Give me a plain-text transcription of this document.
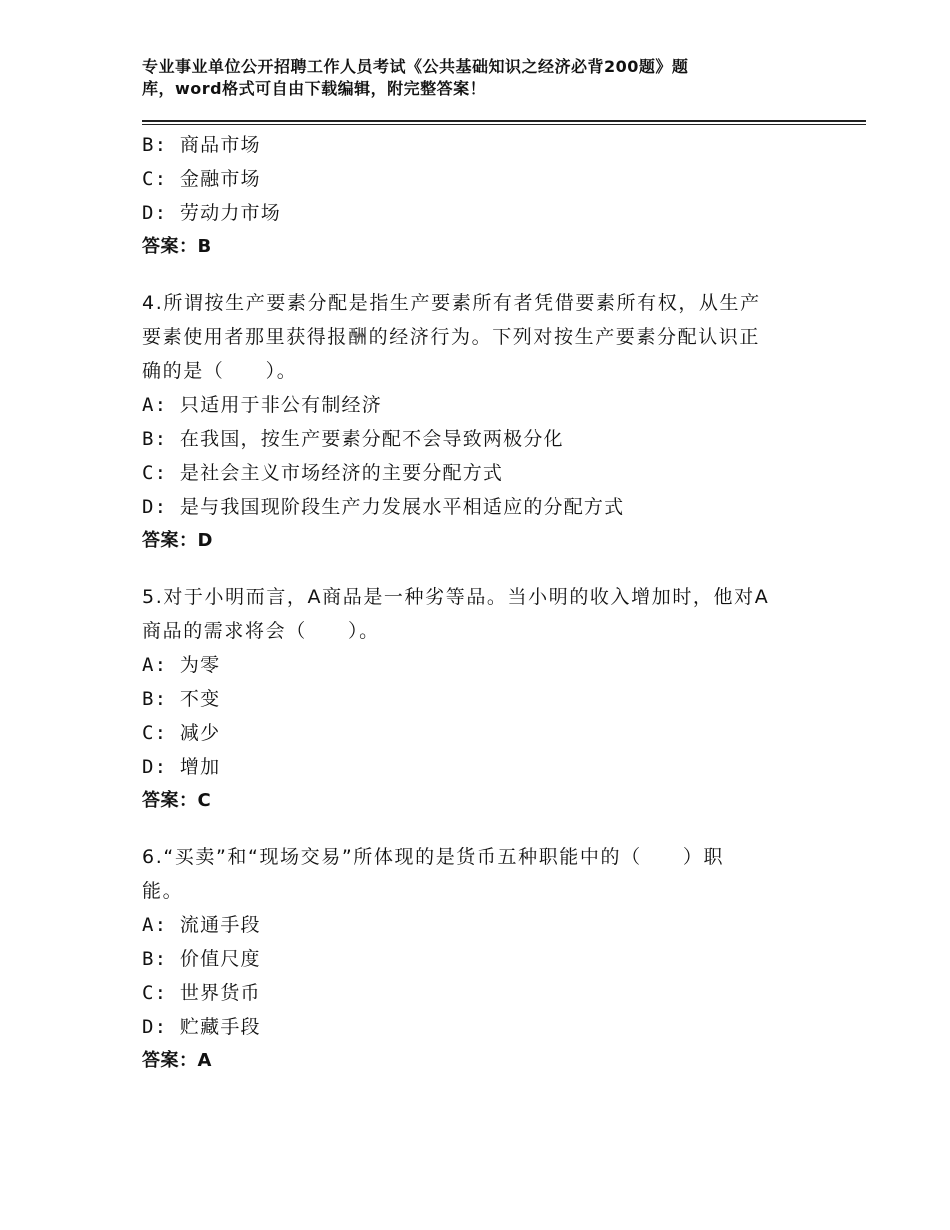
专业事业单位公开招聘工作人员考试《公共基础知识之经济必背200题》题
库，word格式可自由下载编辑，附完整答案！
B: 商品市场
C: 金融市场
D: 劳动力市场
答案：B
4.所谓按生产要素分配是指生产要素所有者凭借要素所有权，从生产
要素使用者那里获得报酬的经济行为。下列对按生产要素分配认识正
确的是（　　）。
A: 只适用于非公有制经济
B: 在我国，按生产要素分配不会导致两极分化
C: 是社会主义市场经济的主要分配方式
D: 是与我国现阶段生产力发展水平相适应的分配方式
答案：D
5.对于小明而言，A商品是一种劣等品。当小明的收入增加时，他对A
商品的需求将会（　　）。
A: 为零
B: 不变
C: 减少
D: 增加
答案：C
6.“买卖”和“现场交易”所体现的是货币五种职能中的（　　）职
能。
A: 流通手段
B: 价值尺度
C: 世界货币
D: 贮藏手段
答案：A
